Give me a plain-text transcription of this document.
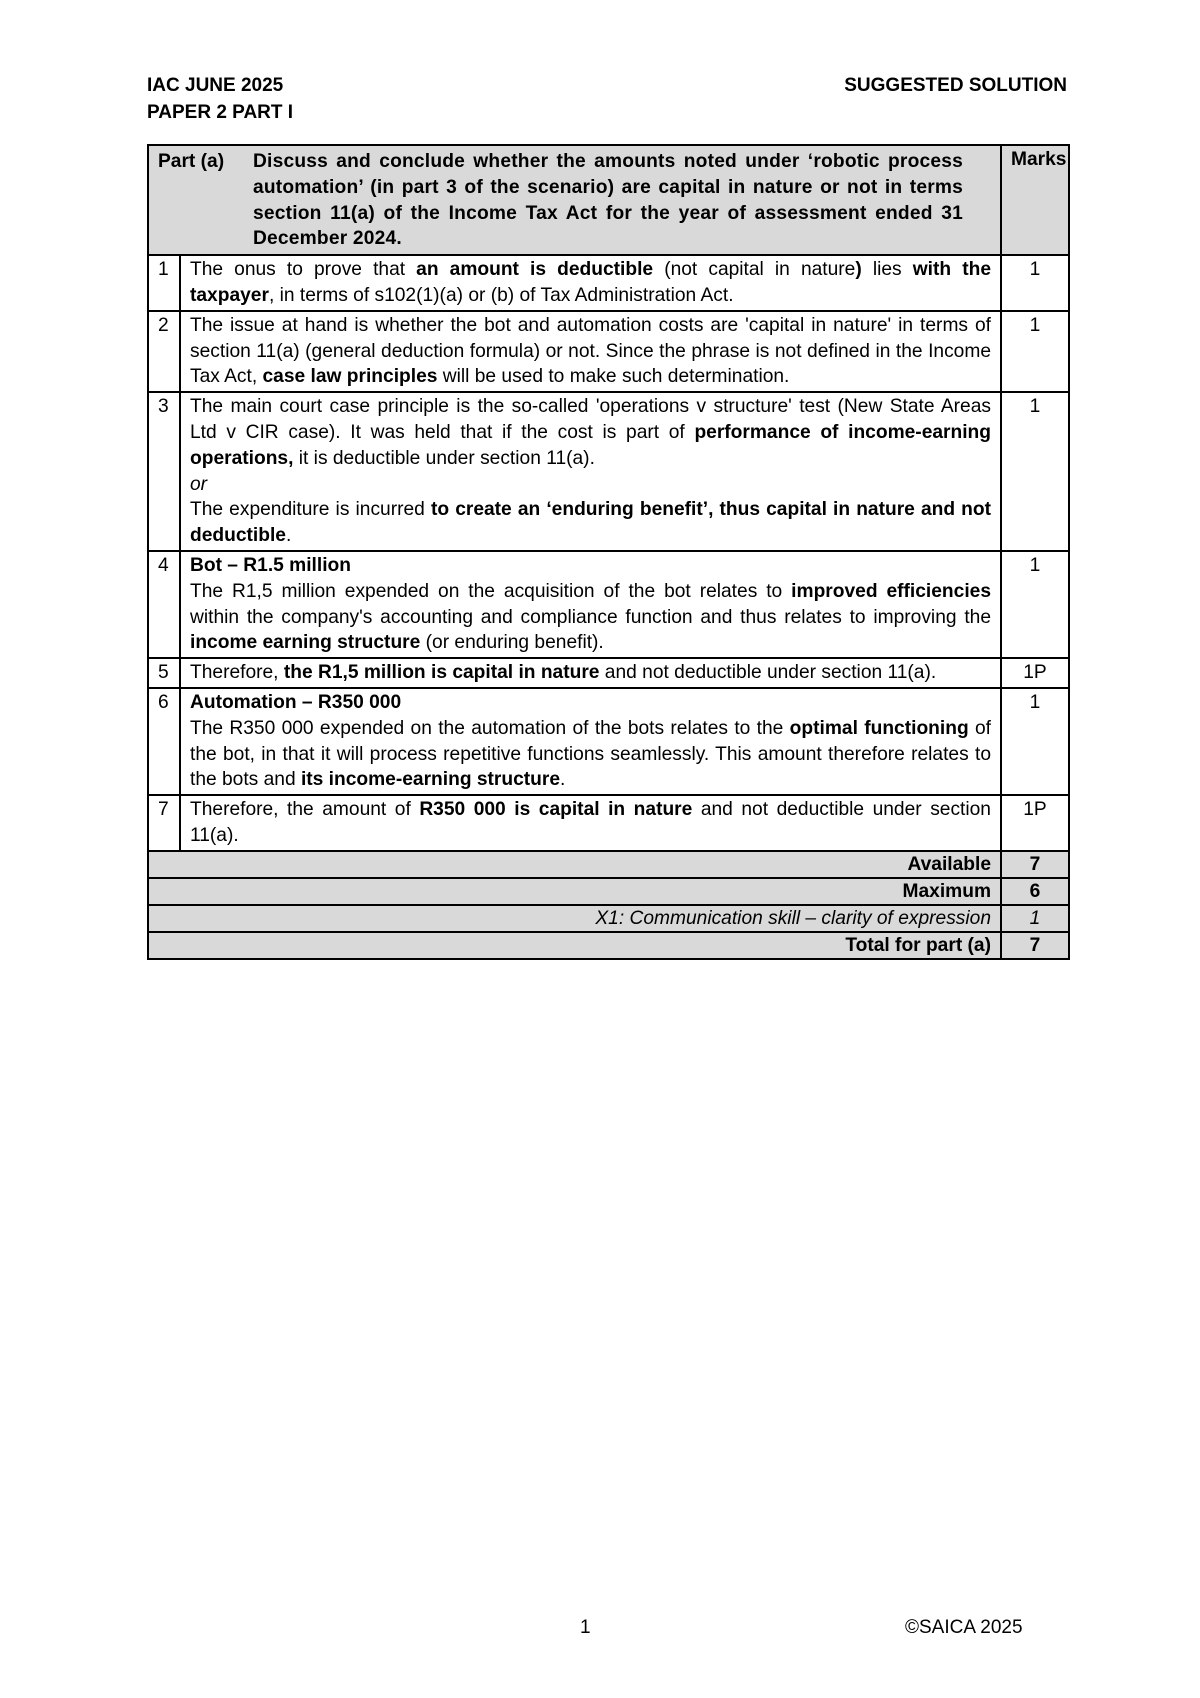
IAC JUNE 2025
PAPER 2 PART I
SUGGESTED SOLUTION
Part (a) Discuss and conclude whether the amounts noted under ‘robotic process automation’ (in part 3 of the scenario) are capital in nature or not in terms section 11(a) of the Income Tax Act for the year of assessment ended 31 December 2024.		Marks
1	The onus to prove that an amount is deductible (not capital in nature) lies with the taxpayer, in terms of s102(1)(a) or (b) of Tax Administration Act.	1
2	The issue at hand is whether the bot and automation costs are 'capital in nature' in terms of section 11(a) (general deduction formula) or not. Since the phrase is not defined in the Income Tax Act, case law principles will be used to make such determination.	1
3	The main court case principle is the so-called 'operations v structure' test (New State Areas Ltd v CIR case). It was held that if the cost is part of performance of income-earning operations, it is deductible under section 11(a).
or
The expenditure is incurred to create an ‘enduring benefit’, thus capital in nature and not deductible.	1
4	Bot – R1.5 million
The R1,5 million expended on the acquisition of the bot relates to improved efficiencies within the company's accounting and compliance function and thus relates to improving the income earning structure (or enduring benefit).	1
5	Therefore, the R1,5 million is capital in nature and not deductible under section 11(a).	1P
6	Automation – R350 000
The R350 000 expended on the automation of the bots relates to the optimal functioning of the bot, in that it will process repetitive functions seamlessly. This amount therefore relates to the bots and its income-earning structure.	1
7	Therefore, the amount of R350 000 is capital in nature and not deductible under section 11(a).	1P
Available		7
Maximum		6
X1: Communication skill – clarity of expression		1
Total for part (a)		7
1	©SAICA 2025
